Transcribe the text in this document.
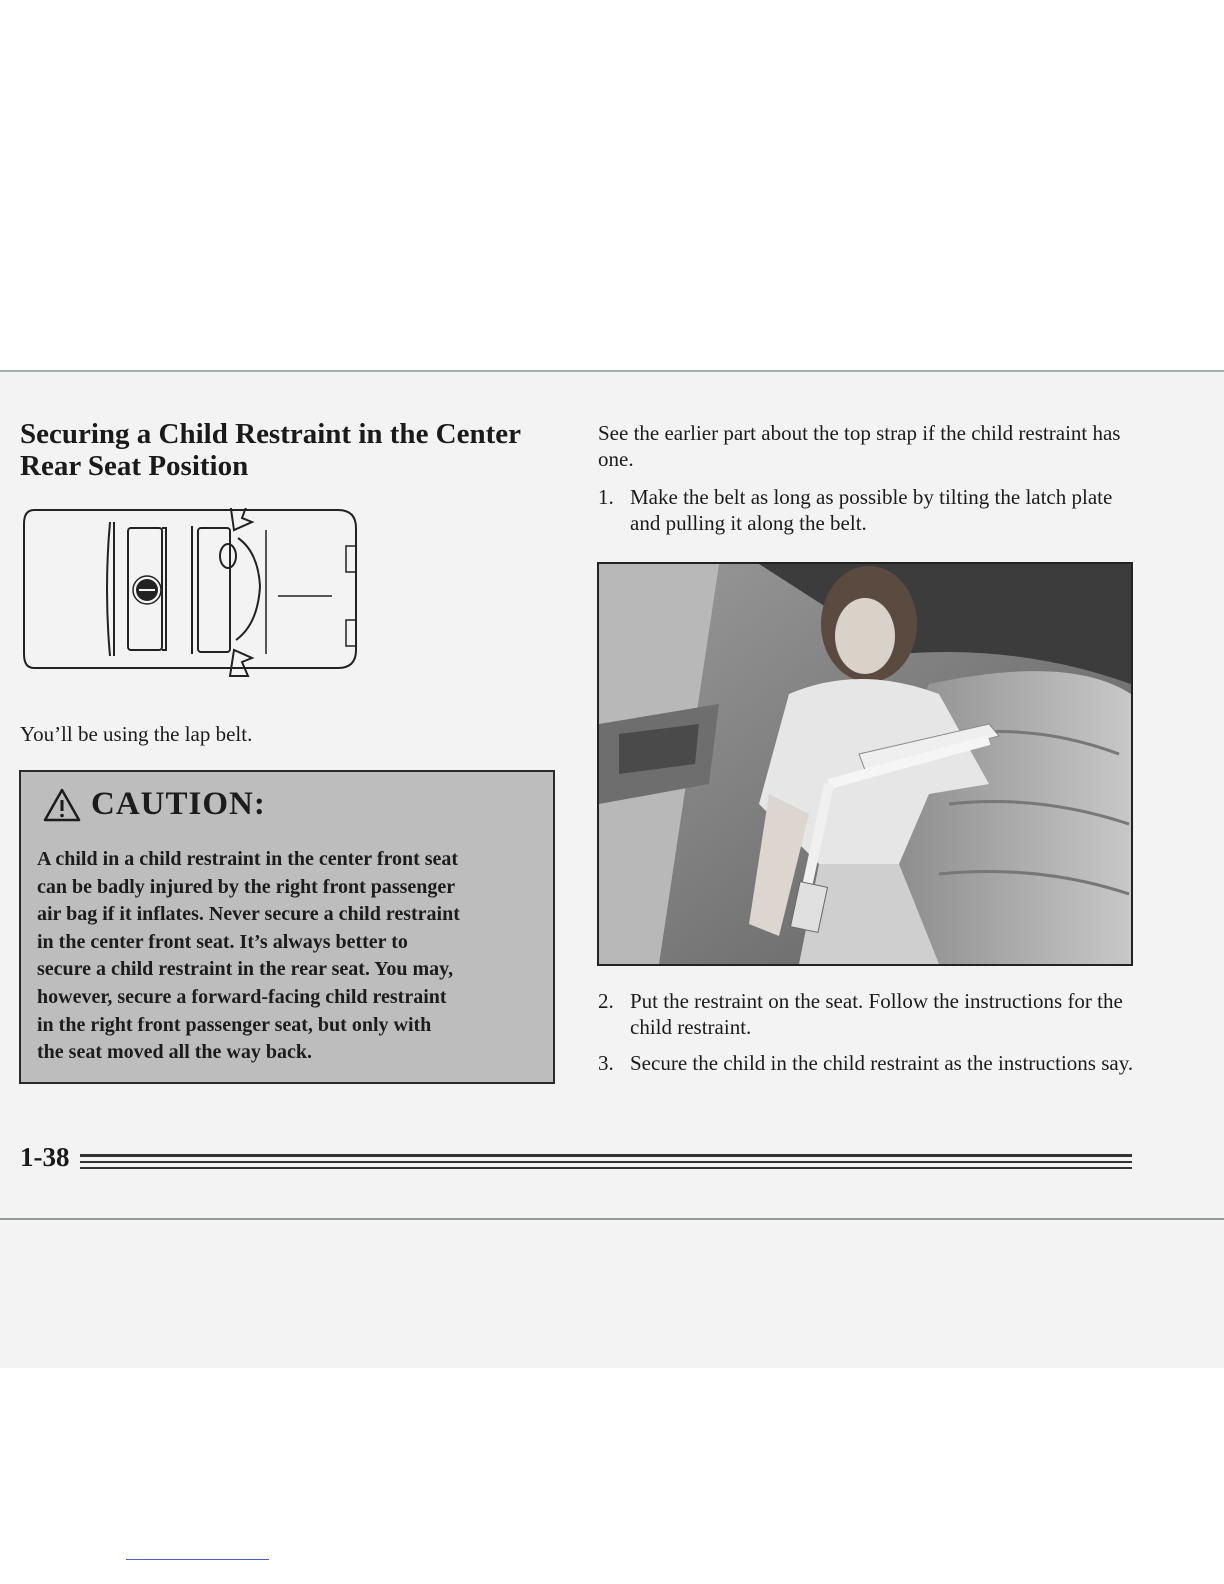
Securing a Child Restraint in the Center
Rear Seat Position

You’ll be using the lap belt.

CAUTION:

A child in a child restraint in the center front seat
can be badly injured by the right front passenger
air bag if it inflates. Never secure a child restraint
in the center front seat. It’s always better to
secure a child restraint in the rear seat. You may,
however, secure a forward-facing child restraint
in the right front passenger seat, but only with
the seat moved all the way back.

See the earlier part about the top strap if the child restraint has one.

1. Make the belt as long as possible by tilting the latch plate and pulling it along the belt.
2. Put the restraint on the seat. Follow the instructions for the child restraint.
3. Secure the child in the child restraint as the instructions say.

1-38
